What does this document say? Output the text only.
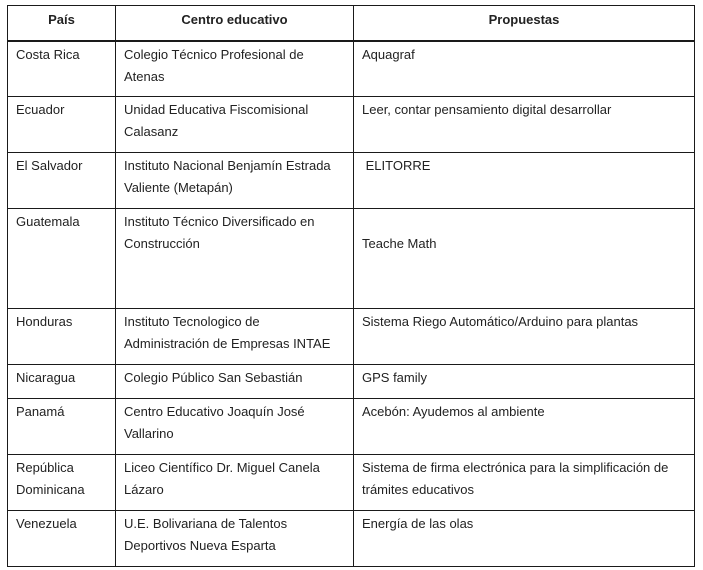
País	Centro educativo	Propuestas
Costa Rica	Colegio Técnico Profesional de Atenas	Aquagraf
Ecuador	Unidad Educativa Fiscomisional Calasanz	Leer, contar pensamiento digital desarrollar
El Salvador	Instituto Nacional Benjamín Estrada Valiente (Metapán)	ELITORRE
Guatemala	Instituto Técnico Diversificado en Construcción	Teache Math
Honduras	Instituto Tecnologico de Administración de Empresas INTAE	Sistema Riego Automático/Arduino para plantas
Nicaragua	Colegio Público San Sebastián	GPS family
Panamá	Centro Educativo Joaquín José Vallarino	Acebón: Ayudemos al ambiente
República Dominicana	Liceo Científico Dr. Miguel Canela Lázaro	Sistema de firma electrónica para la simplificación de trámites educativos
Venezuela	U.E. Bolivariana de Talentos Deportivos Nueva Esparta	Energía de las olas
